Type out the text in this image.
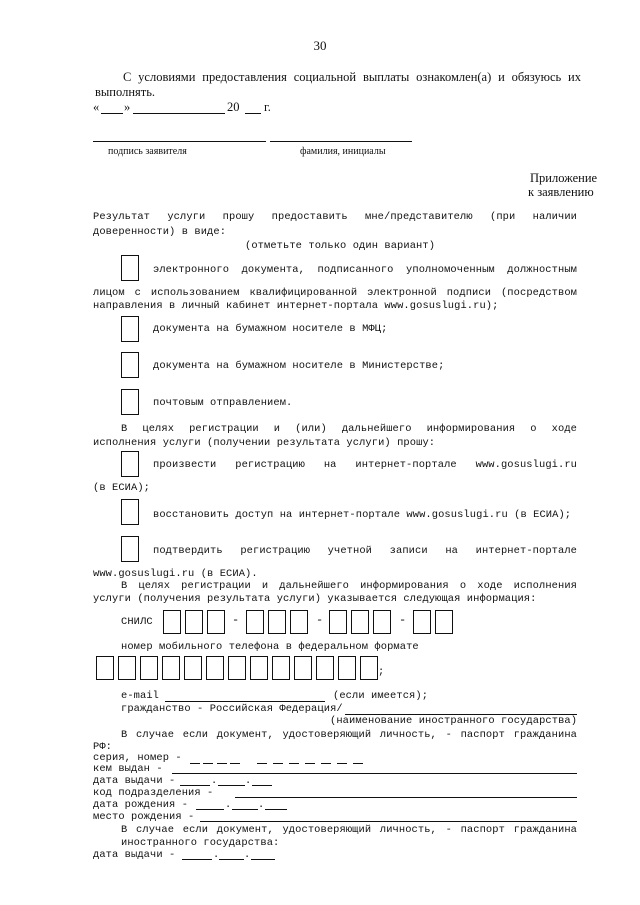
30
С условиями предоставления социальной выплаты ознакомлен(а) и обязуюсь их
выполнять.
« »	20 г.
подпись заявителя	фамилия, инициалы
Приложение
к заявлению
Результат услуги прошу предоставить мне/представителю (при наличии
доверенности) в виде:
(отметьте только один вариант)
электронного документа, подписанного уполномоченным должностным
лицом с использованием квалифицированной электронной подписи (посредством
направления в личный кабинет интернет-портала www.gosuslugi.ru);
документа на бумажном носителе в МФЦ;
документа на бумажном носителе в Министерстве;
почтовым отправлением.
В целях регистрации и (или) дальнейшего информирования о ходе
исполнения услуги (получении результата услуги) прошу:
произвести регистрацию на интернет-портале www.gosuslugi.ru
(в ЕСИА);
восстановить доступ на интернет-портале www.gosuslugi.ru (в ЕСИА);
подтвердить регистрацию учетной записи на интернет-портале
www.gosuslugi.ru (в ЕСИА).
В целях регистрации и дальнейшего информирования о ходе исполнения
услуги (получения результата услуги) указывается следующая информация:
СНИЛС	-	-	-
номер мобильного телефона в федеральном формате
;
e-mail	(если имеется);
гражданство - Российская Федерация/
(наименование иностранного государства)
В случае если документ, удостоверяющий личность, - паспорт гражданина
РФ:
серия, номер -
кем выдан -
дата выдачи -	.	.
код подразделения -
дата рождения -	.	.
место рождения -
В случае если документ, удостоверяющий личность, - паспорт гражданина
иностранного государства:
дата выдачи -	. .
